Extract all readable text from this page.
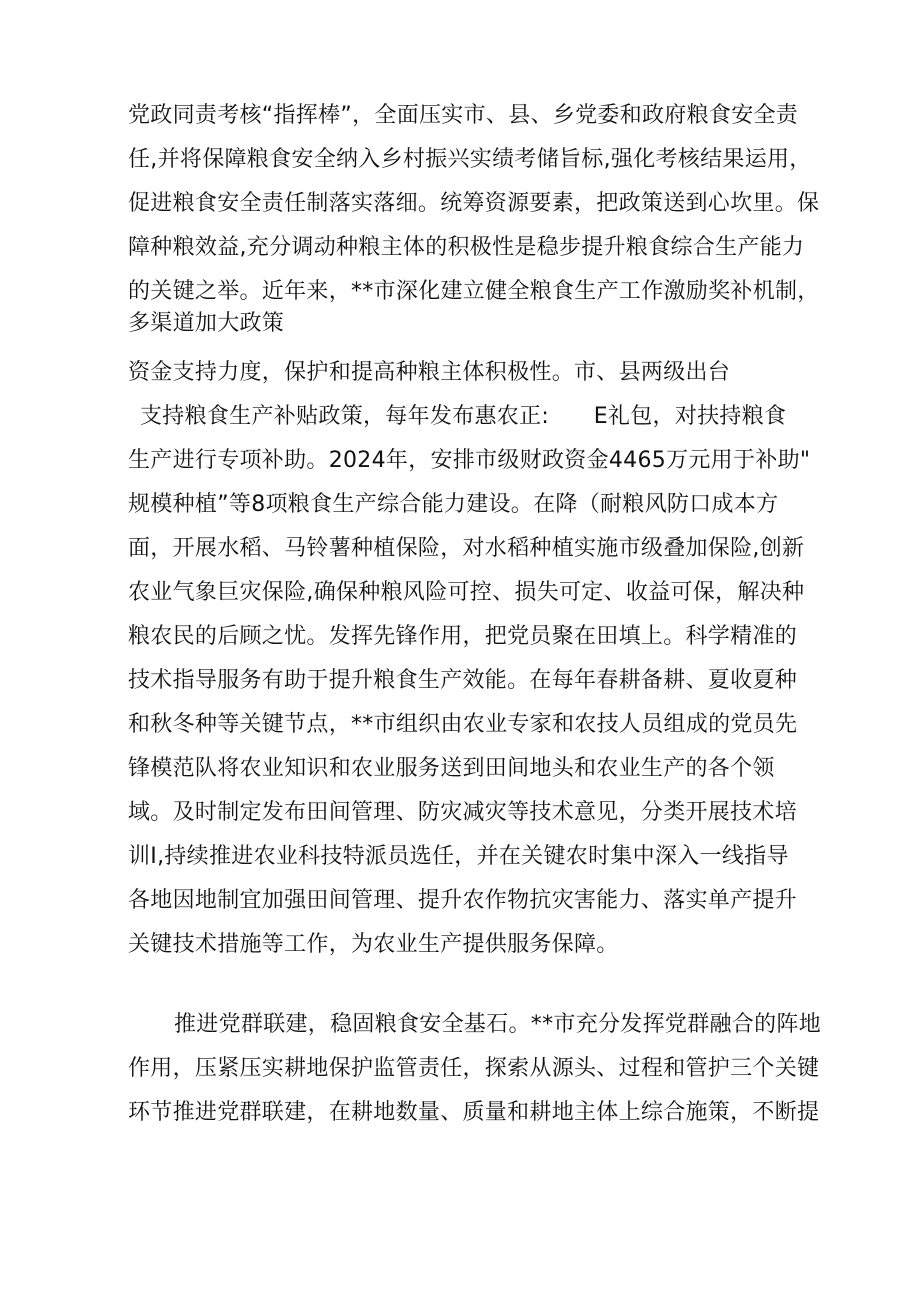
党政同责考核“指挥棒”，全面压实市、县、乡党委和政府粮食安全责
任,并将保障粮食安全纳入乡村振兴实绩考储旨标,强化考核结果运用，
促进粮食安全责任制落实落细。统筹资源要素，把政策送到心坎里。保
障种粮效益,充分调动种粮主体的积极性是稳步提升粮食综合生产能力
的关键之举。近年来，**市深化建立健全粮食生产工作激励奖补机制，
多渠道加大政策
资金支持力度，保护和提高种粮主体积极性。市、县两级出台
支持粮食生产补贴政策，每年发布惠农正:　　E礼包，对扶持粮食
生产进行专项补助。2024年，安排市级财政资金4465万元用于补助"
规模种植”等8项粮食生产综合能力建设。在降（耐粮风防口成本方
面，开展水稻、马铃薯种植保险，对水稻种植实施市级叠加保险,创新
农业气象巨灾保险,确保种粮风险可控、损失可定、收益可保，解决种
粮农民的后顾之忧。发挥先锋作用，把党员聚在田填上。科学精准的
技术指导服务有助于提升粮食生产效能。在每年春耕备耕、夏收夏种
和秋冬种等关键节点，**市组织由农业专家和农技人员组成的党员先
锋模范队将农业知识和农业服务送到田间地头和农业生产的各个领
域。及时制定发布田间管理、防灾减灾等技术意见，分类开展技术培
训I,持续推进农业科技特派员选任，并在关键农时集中深入一线指导
各地因地制宜加强田间管理、提升农作物抗灾害能力、落实单产提升
关键技术措施等工作，为农业生产提供服务保障。
推进党群联建，稳固粮食安全基石。**市充分发挥党群融合的阵地
作用，压紧压实耕地保护监管责任，探索从源头、过程和管护三个关键
环节推进党群联建，在耕地数量、质量和耕地主体上综合施策，不断提
